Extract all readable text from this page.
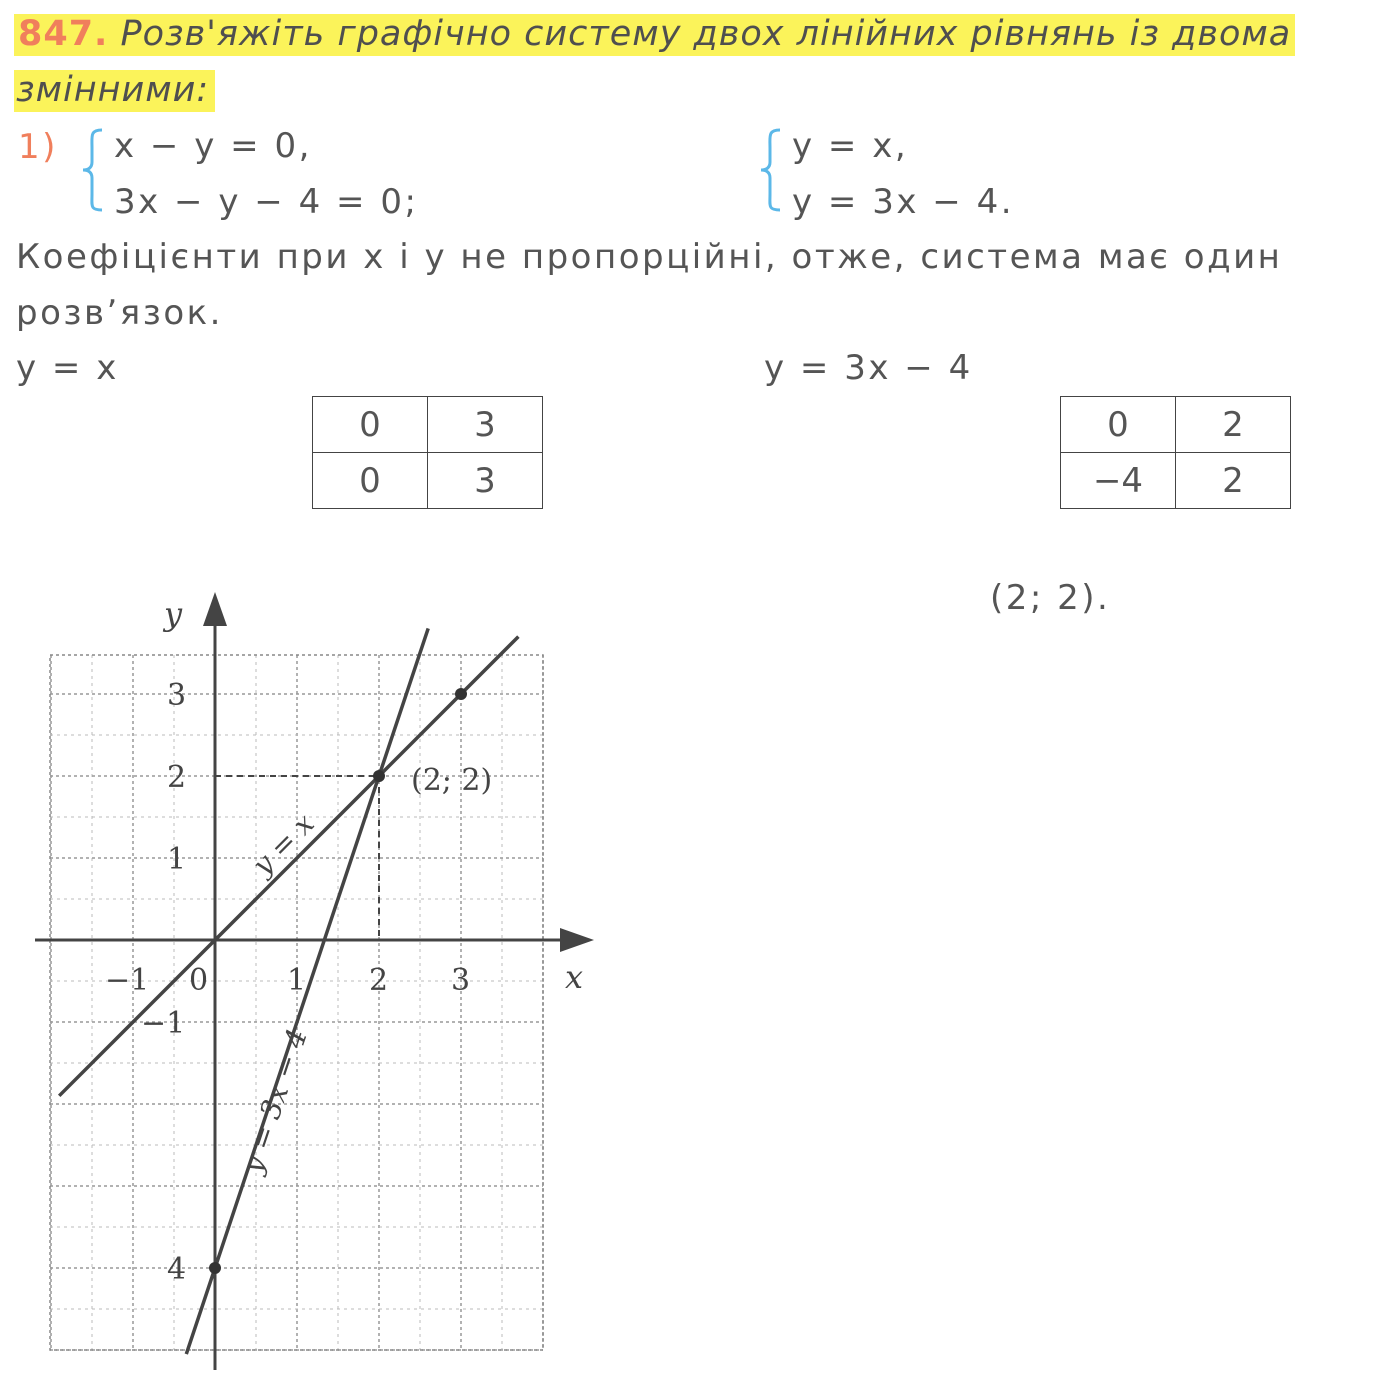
847. Розв'яжіть графічно систему двох лінійних рівнянь із двома
змінними:
1) x − y = 0,
3x − y − 4 = 0;
y = x,
y = 3x − 4.
Коефіцієнти при x і y не пропорційні, отже, система має один
розв’язок.
y = x	y = 3x − 4
0	3
0	3
0	2
−4	2
(2; 2).
x
y
−1 0	1 2 3
3
2
1
−1
4
(2; 2)
y = x
y = 3x − 4
